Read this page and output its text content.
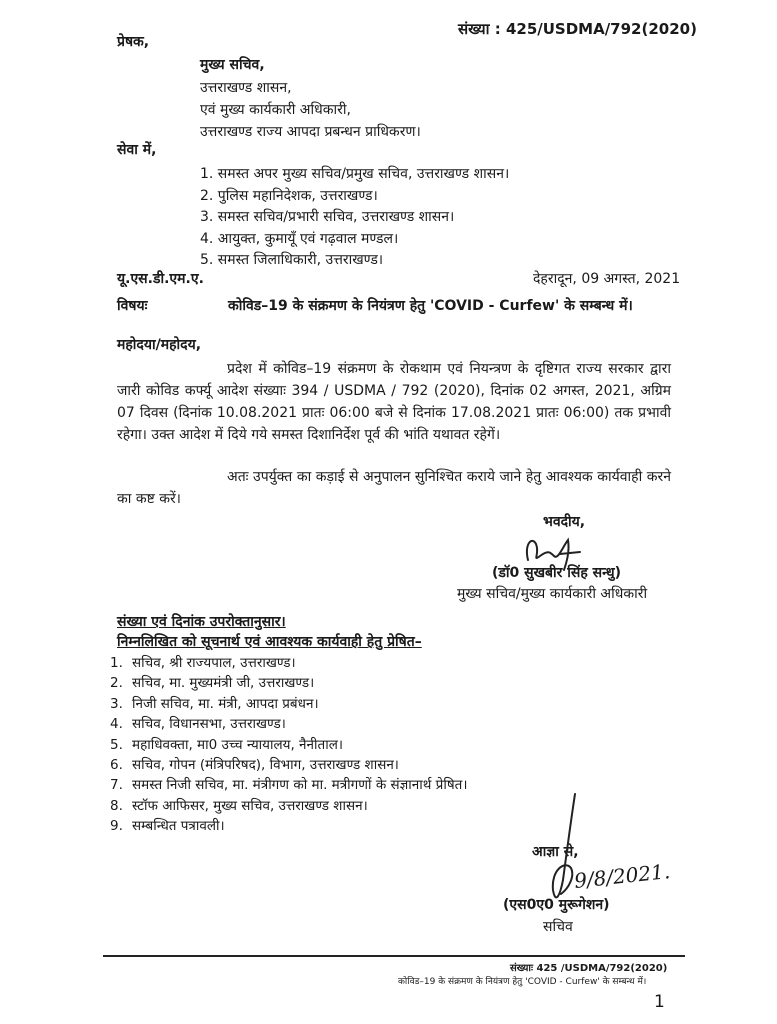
संख्या : 425/USDMA/792(2020)
प्रेषक,
मुख्य सचिव,
उत्तराखण्ड शासन,
एवं मुख्य कार्यकारी अधिकारी,
उत्तराखण्ड राज्य आपदा प्रबन्धन प्राधिकरण।
सेवा में,
1. समस्त अपर मुख्य सचिव/प्रमुख सचिव, उत्तराखण्ड शासन।
2. पुलिस महानिदेशक, उत्तराखण्ड।
3. समस्त सचिव/प्रभारी सचिव, उत्तराखण्ड शासन।
4. आयुक्त, कुमायूँ एवं गढ़वाल मण्डल।
5. समस्त जिलाधिकारी, उत्तराखण्ड।
यू.एस.डी.एम.ए.	देहरादून, 09 अगस्त, 2021
विषयः	कोविड–19 के संक्रमण के नियंत्रण हेतु 'COVID - Curfew' के सम्बन्ध में।
महोदया/महोदय,
प्रदेश में कोविड–19 संक्रमण के रोकथाम एवं नियन्त्रण के दृष्टिगत राज्य सरकार द्वारा जारी कोविड कर्फ्यू आदेश संख्याः 394 / USDMA / 792 (2020), दिनांक 02 अगस्त, 2021, अग्रिम 07 दिवस (दिनांक 10.08.2021 प्रातः 06:00 बजे से दिनांक 17.08.2021 प्रातः 06:00) तक प्रभावी रहेगा। उक्त आदेश में दिये गये समस्त दिशानिर्देश पूर्व की भांति यथावत रहेगें।
अतः उपर्युक्त का कड़ाई से अनुपालन सुनिश्चित कराये जाने हेतु आवश्यक कार्यवाही करने का कष्ट करें।
भवदीय,
(डॉ0 सुखबीर सिंह सन्धु)
मुख्य सचिव/मुख्य कार्यकारी अधिकारी
संख्या एवं दिनांक उपरोक्तानुसार।
निम्नलिखित को सूचनार्थ एवं आवश्यक कार्यवाही हेतु प्रेषित–
1. सचिव, श्री राज्यपाल, उत्तराखण्ड।
2. सचिव, मा. मुख्यमंत्री जी, उत्तराखण्ड।
3. निजी सचिव, मा. मंत्री, आपदा प्रबंधन।
4. सचिव, विधानसभा, उत्तराखण्ड।
5. महाधिवक्ता, मा0 उच्च न्यायालय, नैनीताल।
6. सचिव, गोपन (मंत्रिपरिषद), विभाग, उत्तराखण्ड शासन।
7. समस्त निजी सचिव, मा. मंत्रीगण को मा. मत्रीगणों के संज्ञानार्थ प्रेषित।
8. स्टॉफ आफिसर, मुख्य सचिव, उत्तराखण्ड शासन।
9. सम्बन्धित पत्रावली।
आज्ञा से,
9/8/2021.
(एस0ए0 मुरूगेशन)
सचिव
संख्याः 425 /USDMA/792(2020)
कोविड–19 के संक्रमण के नियंत्रण हेतु 'COVID - Curfew' के सम्बन्ध में।
1
